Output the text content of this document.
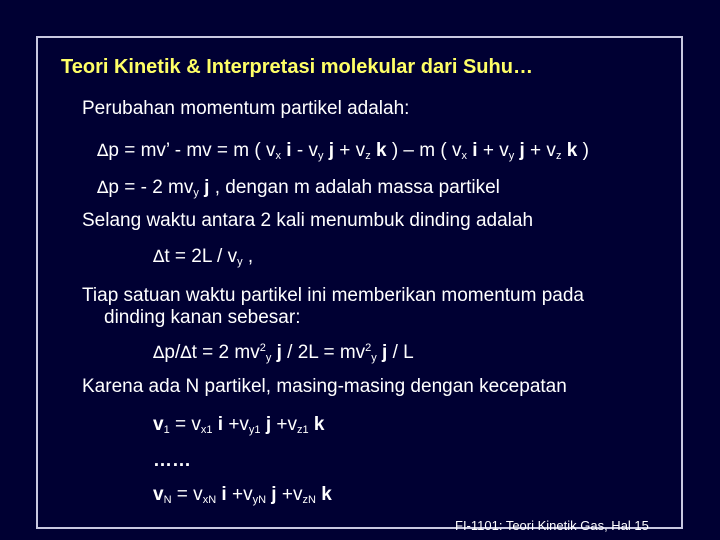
Teori Kinetik & Interpretasi molekular dari Suhu…
Perubahan momentum partikel adalah:
∆p = mv’ - mv = m ( $v_x$ i - $v_y$ $j + v_z$ k ) – m ( $v_x$ $i + v_y$ $j + v_z$ k )
∆p = - 2 $mv_y$ j , dengan m adalah massa partikel
Selang waktu antara 2 kali menumbuk dinding adalah
$\Delta t = 2L / v_y$ ,
Tiap satuan waktu partikel ini memberikan momentum pada
dinding kanan sebesar:
∆p/∆t = 2 $mv^2_y$ $j / 2L = mv^2_y$ j / L
Karena ada N partikel, masing-masing dengan kecepatan
$v_1 = v_{x1}$ $i +v_{y1}$ $j +v_{z1}$ k
……
$v_N = v_{xN}$ $i +v_{yN}$ $j +v_{zN}$ k
FI-1101: Teori Kinetik Gas, Hal 15
